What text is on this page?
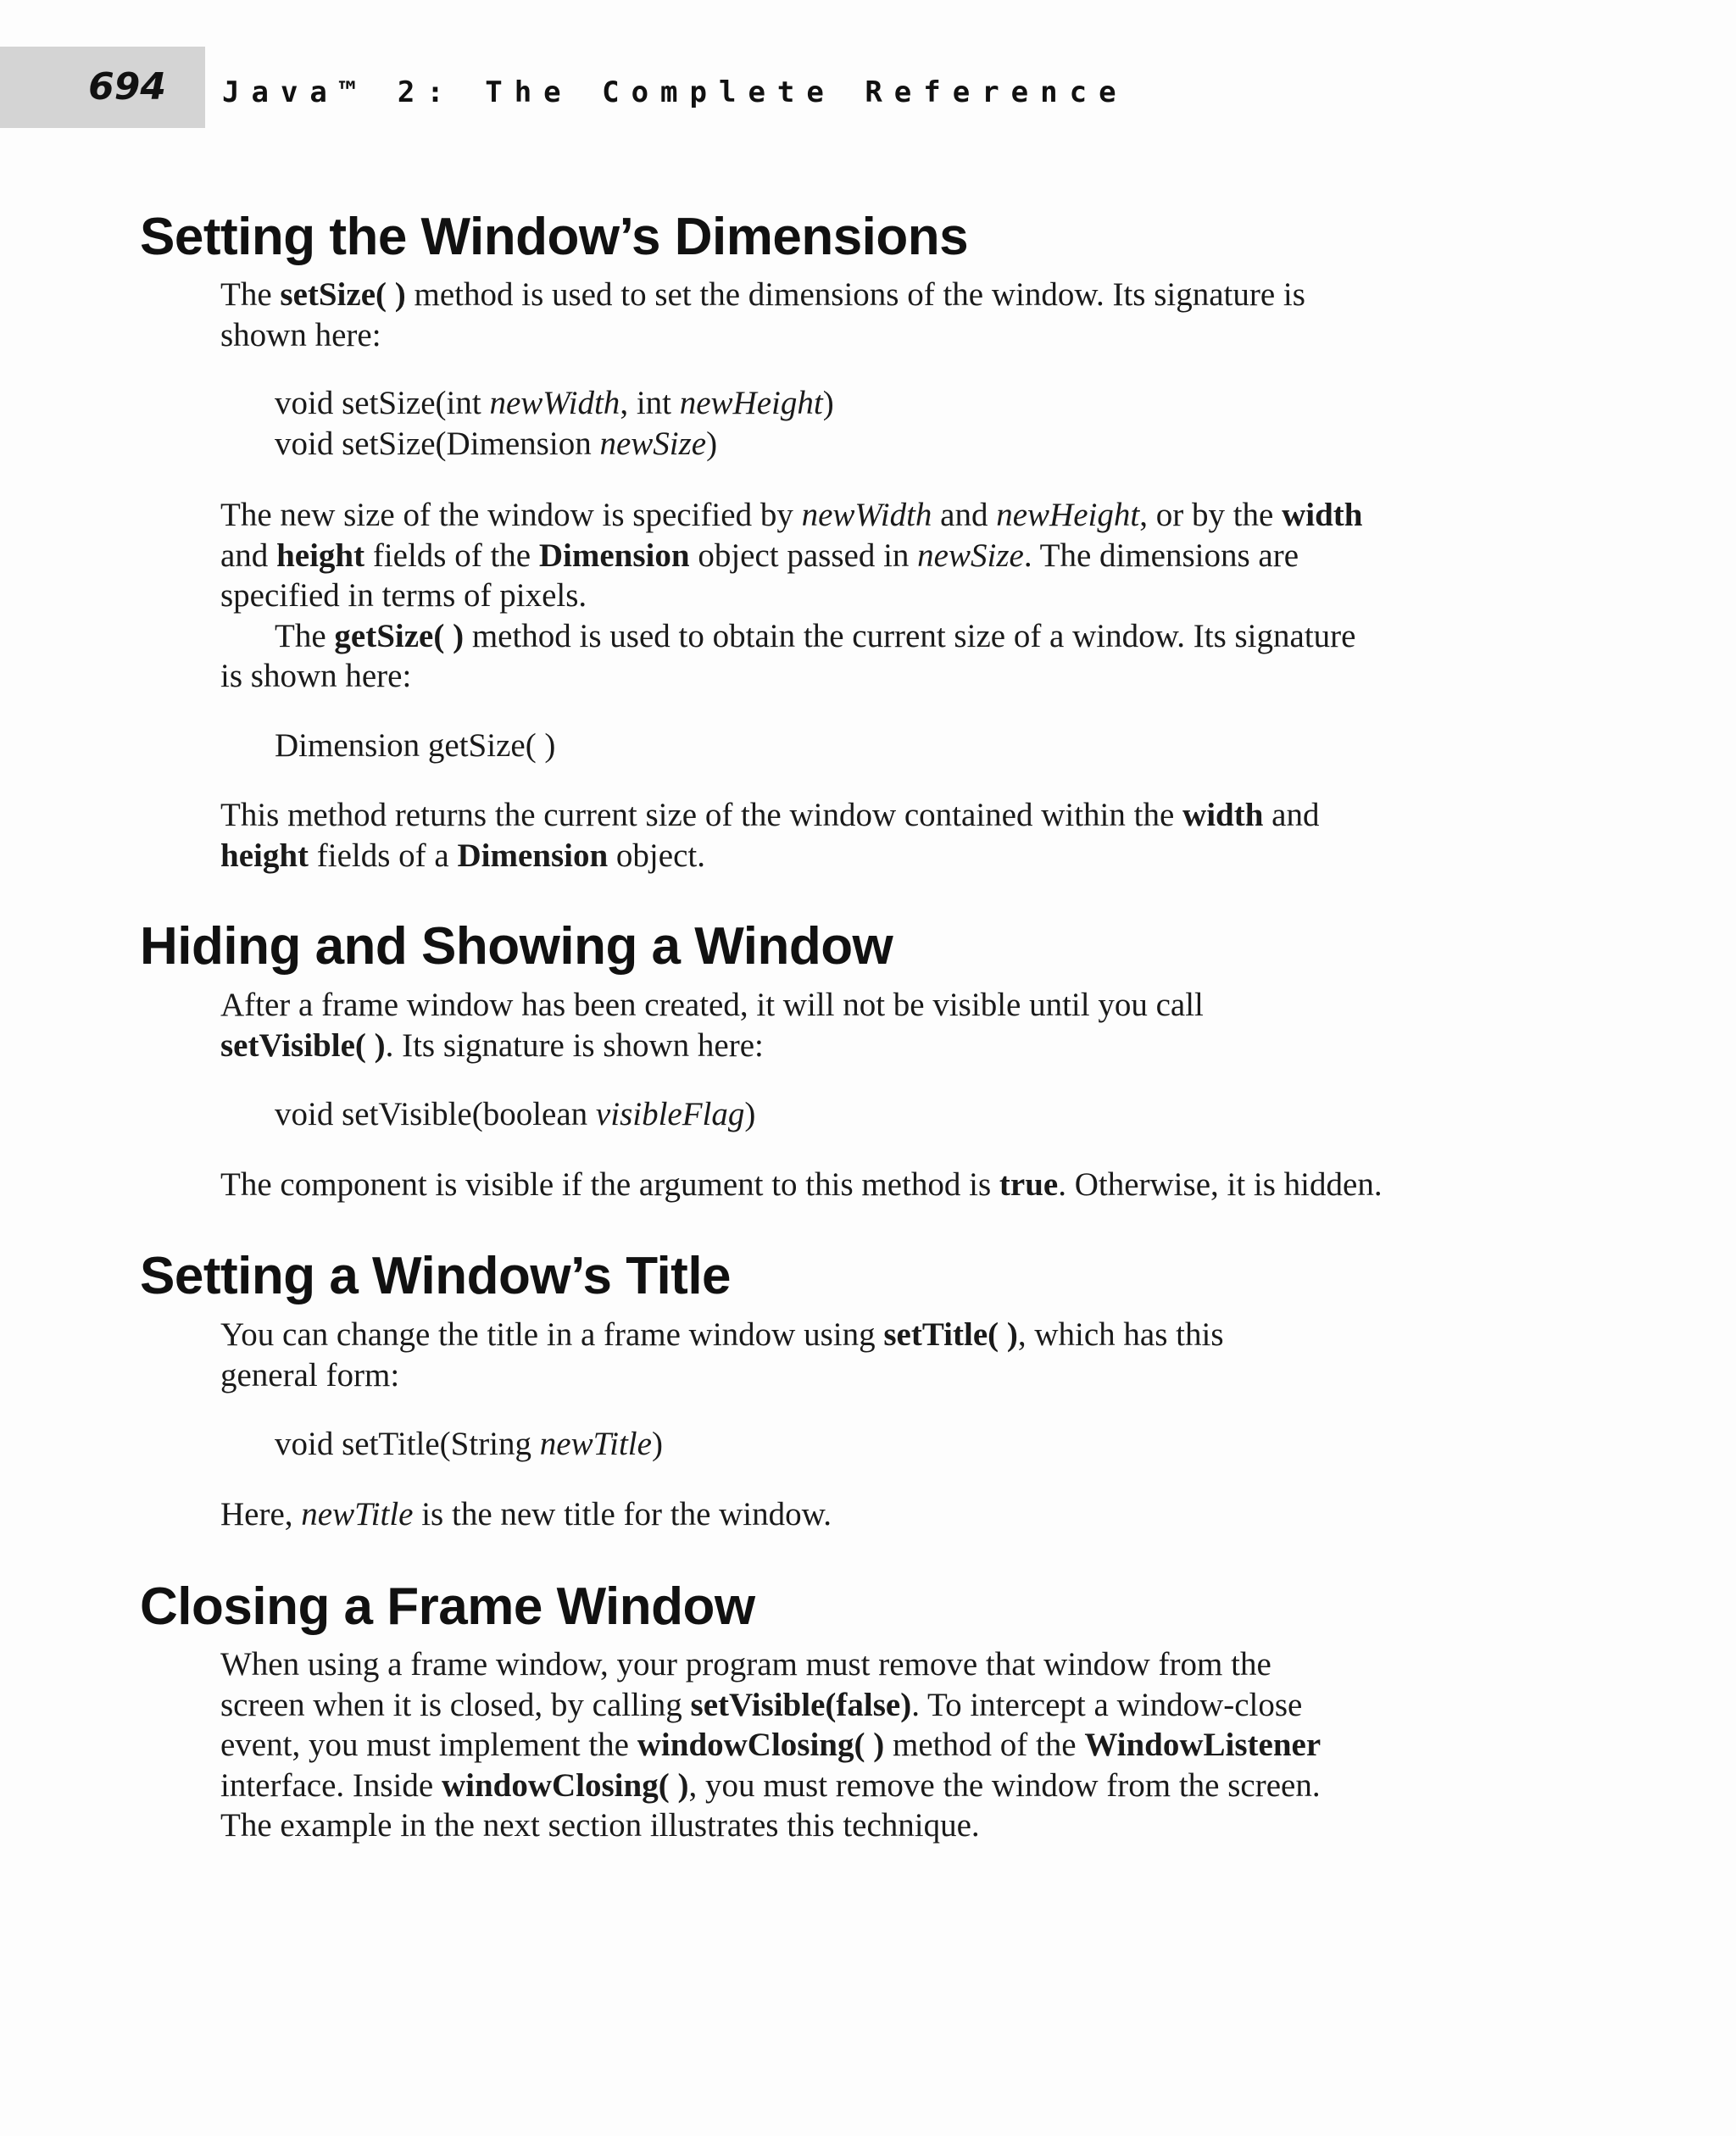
694	Java™ 2: The Complete Reference
Setting the Window’s Dimensions

The setSize( ) method is used to set the dimensions of the window. Its signature is
shown here:

void setSize(int newWidth, int newHeight)
void setSize(Dimension newSize)

The new size of the window is specified by newWidth and newHeight, or by the width
and height fields of the Dimension object passed in newSize. The dimensions are
specified in terms of pixels.

The getSize( ) method is used to obtain the current size of a window. Its signature

is shown here:

Dimension getSize( )

This method returns the current size of the window contained within the width and
height fields of a Dimension object.

Hiding and Showing a Window

After a frame window has been created, it will not be visible until you call
setVisible( ). Its signature is shown here:

void setVisible(boolean visibleFlag)

The component is visible if the argument to this method is true. Otherwise, it is hidden.

Setting a Window’s Title

You can change the title in a frame window using setTitle( ), which has this
general form:

void setTitle(String newTitle)

Here, newTitle is the new title for the window.

Closing a Frame Window

When using a frame window, your program must remove that window from the
screen when it is closed, by calling setVisible(false). To intercept a window-close
event, you must implement the windowClosing( ) method of the WindowListener
interface. Inside windowClosing( ), you must remove the window from the screen.
The example in the next section illustrates this technique.
